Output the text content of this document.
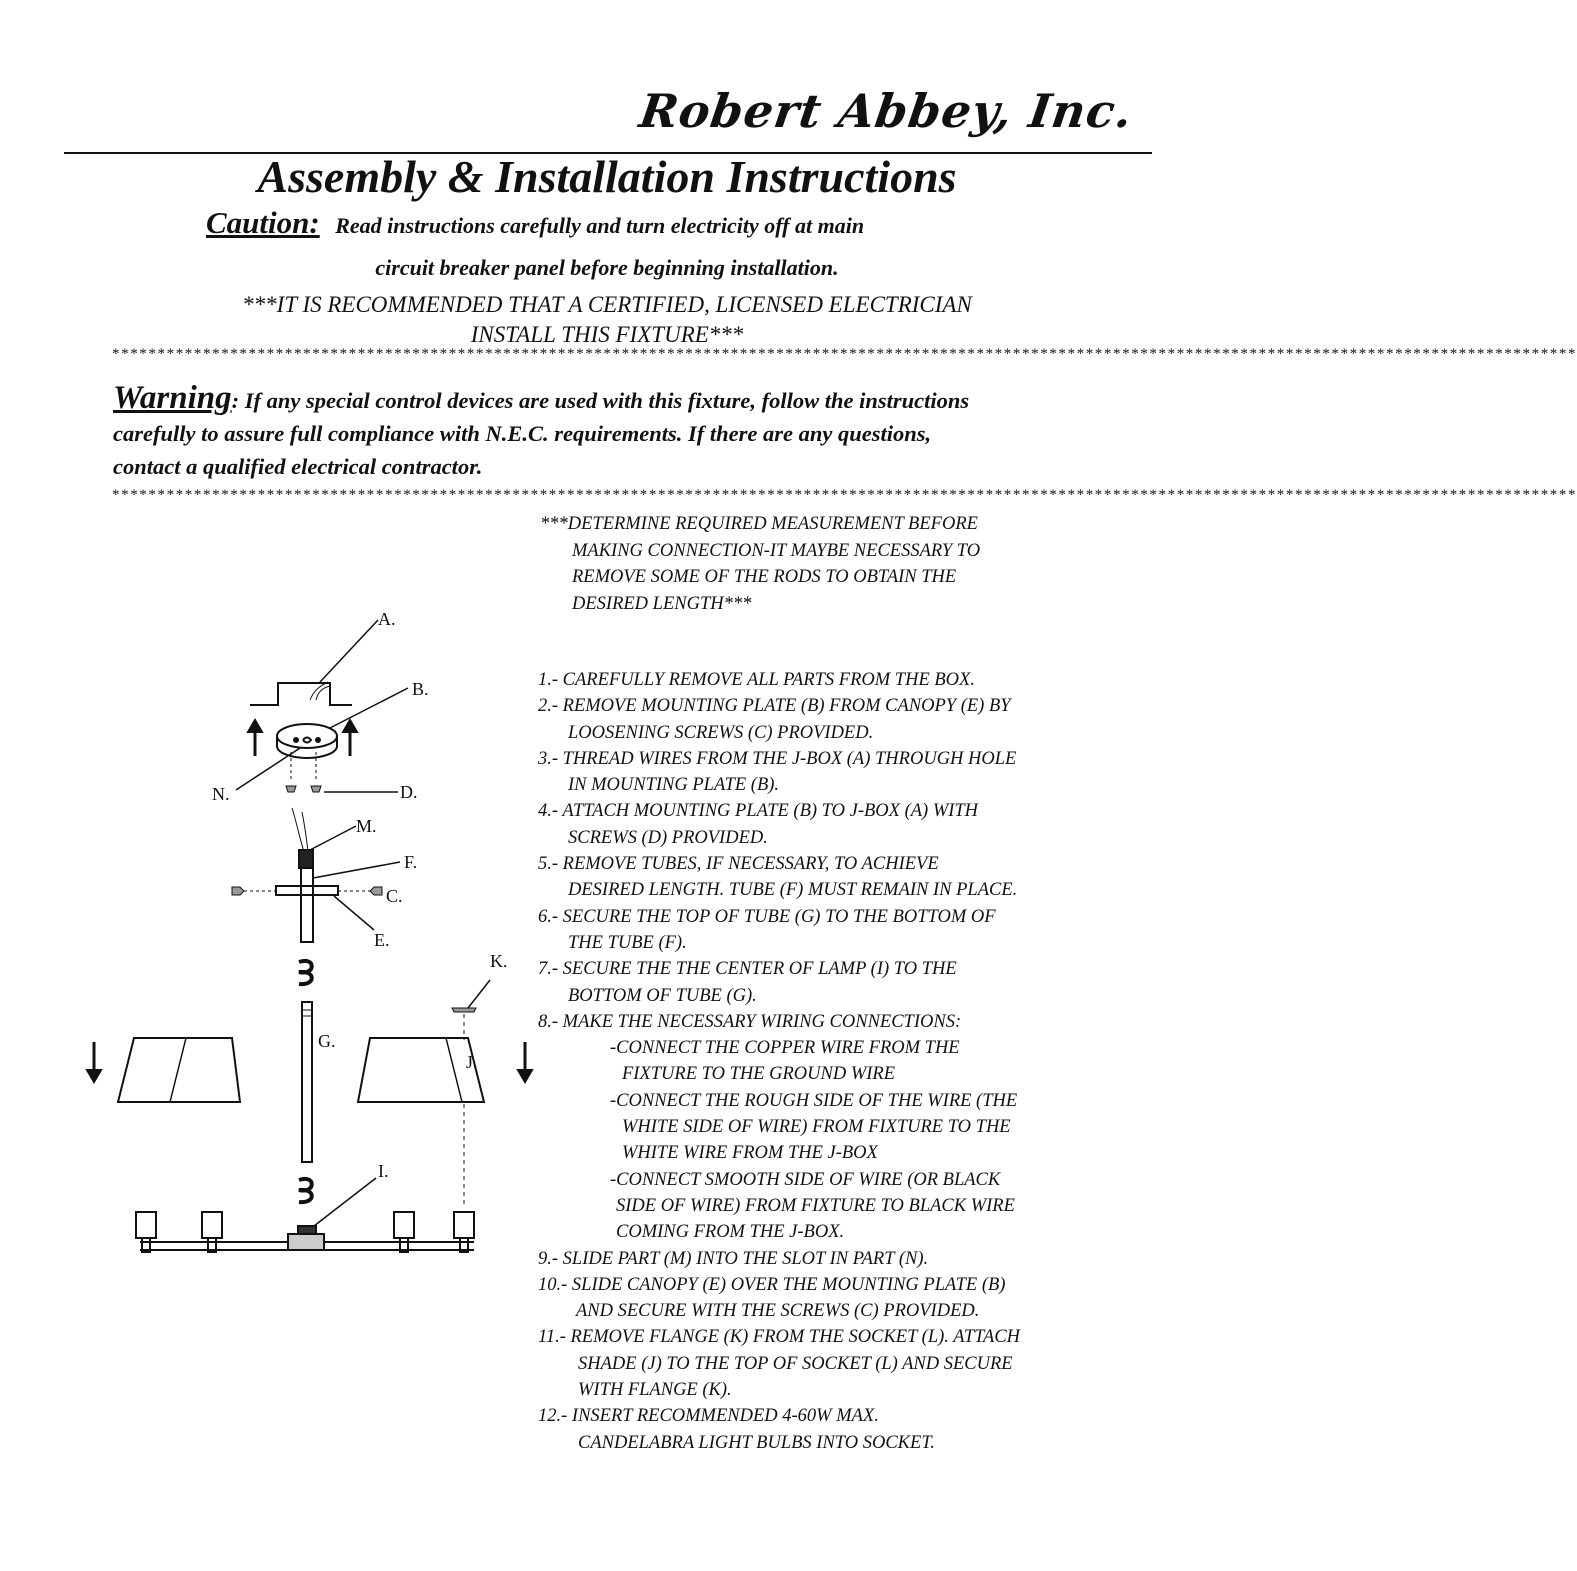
Robert Abbey, Inc.
Assembly & Installation Instructions
Caution: Read instructions carefully and turn electricity off at main
circuit breaker panel before beginning installation.
***IT IS RECOMMENDED THAT A CERTIFIED, LICENSED ELECTRICIAN
INSTALL THIS FIXTURE***
*****************************************************************************************************************************************************************
Warning: If any special control devices are used with this fixture, follow the instructions
carefully to assure full compliance with N.E.C. requirements. If there are any questions,
contact a qualified electrical contractor.
*****************************************************************************************************************************************************************
***DETERMINE REQUIRED MEASUREMENT BEFORE
MAKING CONNECTION-IT MAYBE NECESSARY TO
REMOVE SOME OF THE RODS TO OBTAIN THE
DESIRED LENGTH***
1.- CAREFULLY REMOVE ALL PARTS FROM THE BOX.
2.- REMOVE MOUNTING PLATE (B) FROM CANOPY (E) BY
LOOSENING SCREWS (C) PROVIDED.
3.- THREAD WIRES FROM THE J-BOX (A) THROUGH HOLE
IN MOUNTING PLATE (B).
4.- ATTACH MOUNTING PLATE (B) TO J-BOX (A) WITH
SCREWS (D) PROVIDED.
5.- REMOVE TUBES, IF NECESSARY, TO ACHIEVE
DESIRED LENGTH. TUBE (F) MUST REMAIN IN PLACE.
6.- SECURE THE TOP OF TUBE (G) TO THE BOTTOM OF
THE TUBE (F).
7.- SECURE THE THE CENTER OF LAMP (I) TO THE
BOTTOM OF TUBE (G).
8.- MAKE THE NECESSARY WIRING CONNECTIONS:
-CONNECT THE COPPER WIRE FROM THE
FIXTURE TO THE GROUND WIRE
-CONNECT THE ROUGH SIDE OF THE WIRE (THE
WHITE SIDE OF WIRE) FROM FIXTURE TO THE
WHITE WIRE FROM THE J-BOX
-CONNECT SMOOTH SIDE OF WIRE (OR BLACK
SIDE OF WIRE) FROM FIXTURE TO BLACK WIRE
COMING FROM THE J-BOX.
9.- SLIDE PART (M) INTO THE SLOT IN PART (N).
10.- SLIDE CANOPY (E) OVER THE MOUNTING PLATE (B)
AND SECURE WITH THE SCREWS (C) PROVIDED.
11.- REMOVE FLANGE (K) FROM THE SOCKET (L). ATTACH
SHADE (J) TO THE TOP OF SOCKET (L) AND SECURE
WITH FLANGE (K).
12.- INSERT RECOMMENDED 4-60W MAX.
CANDELABRA LIGHT BULBS INTO SOCKET.
A.
B.
N.	D.
M.
F.
C.
E.
K.
G.
J.
I.
